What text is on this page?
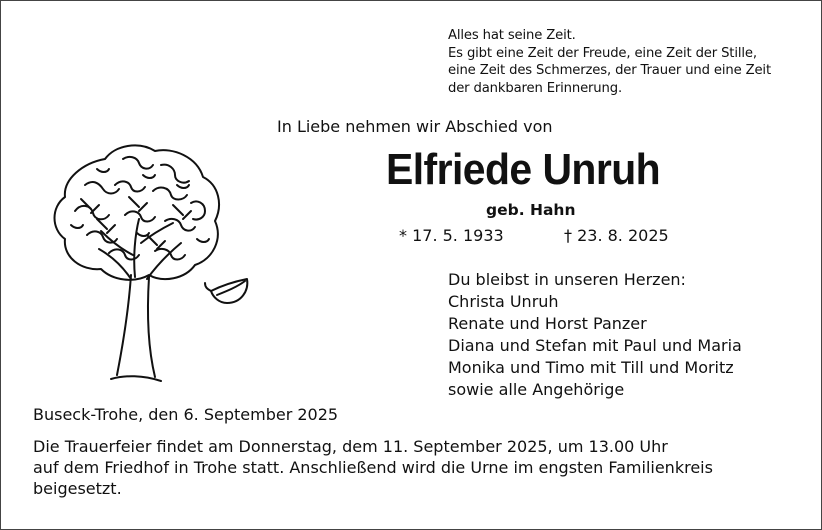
Alles hat seine Zeit.
Es gibt eine Zeit der Freude, eine Zeit der Stille,
eine Zeit des Schmerzes, der Trauer und eine Zeit
der dankbaren Erinnerung.
In Liebe nehmen wir Abschied von
Elfriede Unruh
geb. Hahn
* 17. 5. 1933	† 23. 8. 2025
Du bleibst in unseren Herzen:
Christa Unruh
Renate und Horst Panzer
Diana und Stefan mit Paul und Maria
Monika und Timo mit Till und Moritz
sowie alle Angehörige
Buseck-Trohe, den 6. September 2025
Die Trauerfeier findet am Donnerstag, dem 11. September 2025, um 13.00 Uhr
auf dem Friedhof in Trohe statt. Anschließend wird die Urne im engsten Familienkreis
beigesetzt.
